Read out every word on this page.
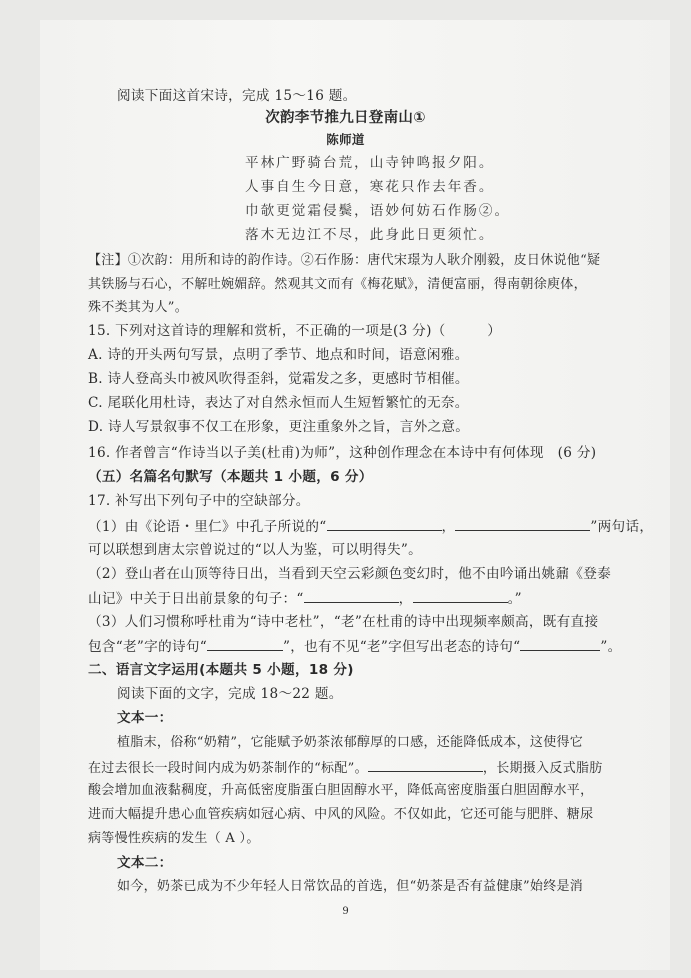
阅读下面这首宋诗，完成 15～16 题。
次韵李节推九日登南山①
陈师道
平林广野骑台荒，山寺钟鸣报夕阳。
人事自生今日意，寒花只作去年香。
巾欹更觉霜侵鬓，语妙何妨石作肠②。
落木无边江不尽，此身此日更须忙。
【注】①次韵：用所和诗的韵作诗。②石作肠：唐代宋璟为人耿介刚毅，皮日休说他“疑
其铁肠与石心，不解吐婉媚辞。然观其文而有《梅花赋》，清便富丽，得南朝徐庾体，
殊不类其为人”。
15. 下列对这首诗的理解和赏析，不正确的一项是(3 分)（　　　）
A. 诗的开头两句写景，点明了季节、地点和时间，语意闲雅。
B. 诗人登高头巾被风吹得歪斜，觉霜发之多，更感时节相催。
C. 尾联化用杜诗，表达了对自然永恒而人生短暂繁忙的无奈。
D. 诗人写景叙事不仅工在形象，更注重象外之旨，言外之意。
16. 作者曾言“作诗当以子美(杜甫)为师”，这种创作理念在本诗中有何体现　(6 分)
（五）名篇名句默写（本题共 1 小题，6 分）
17. 补写出下列句子中的空缺部分。
（1）由《论语・里仁》中孔子所说的“	，	”两句话，
可以联想到唐太宗曾说过的“以人为鉴，可以明得失”。
（2）登山者在山顶等待日出，当看到天空云彩颜色变幻时，他不由吟诵出姚鼐《登泰
山记》中关于日出前景象的句子：“	，	。”
（3）人们习惯称呼杜甫为“诗中老杜”，“老”在杜甫的诗中出现频率颇高，既有直接
包含“老”字的诗句“	”，也有不见“老”字但写出老态的诗句“	”。
二、语言文字运用(本题共 5 小题，18 分)
阅读下面的文字，完成 18～22 题。
文本一：
植脂末，俗称“奶精”，它能赋予奶茶浓郁醇厚的口感，还能降低成本，这使得它
在过去很长一段时间内成为奶茶制作的“标配”。	，长期摄入反式脂肪
酸会增加血液黏稠度，升高低密度脂蛋白胆固醇水平，降低高密度脂蛋白胆固醇水平，
进而大幅提升患心血管疾病如冠心病、中风的风险。不仅如此，它还可能与肥胖、糖尿
病等慢性疾病的发生（ A ）。
文本二：
如今，奶茶已成为不少年轻人日常饮品的首选，但“奶茶是否有益健康”始终是消
9
